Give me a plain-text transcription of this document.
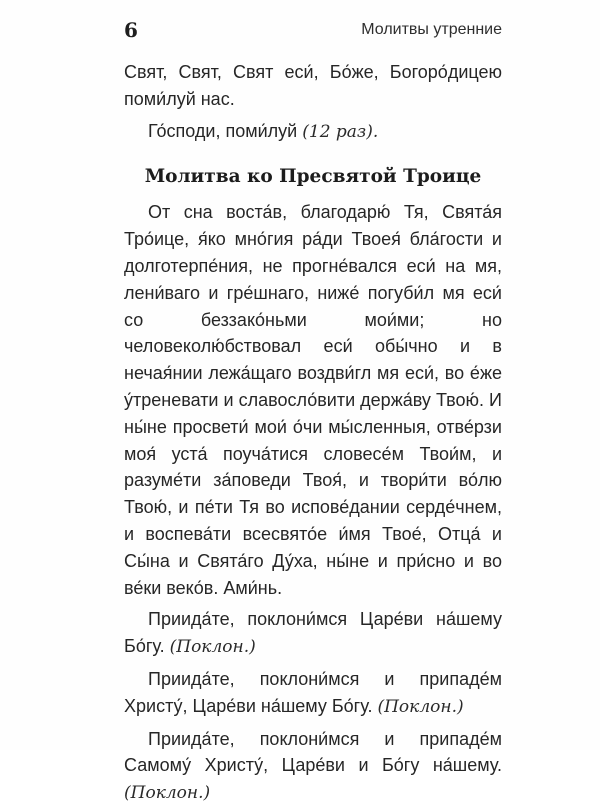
6	Молитвы утренние

Свят, Свят, Свят еси́, Бо́же, Богоро́дицею поми́луй нас.

Го́споди, поми́луй (12 раз).

Молитва ко Пресвятой Троице

От сна воста́в, благодарю́ Тя, Свята́я Тро́ице, я́ко мно́гия ра́ди Твоея́ бла́гости и долготерпе́ния, не прогне́вался еси́ на мя, лени́ваго и гре́шнаго, ниже́ погуби́л мя еси́ со беззако́ньми мои́ми; но человеколю́бствовал еси́ обы́чно и в нечая́нии лежа́щаго воздви́гл мя еси́, во е́же у́треневати и славосло́вити держа́ву Твою́. И ны́не просвети́ мои́ о́чи мы́сленныя, отве́рзи моя́ уста́ поуча́тися словесе́м Твои́м, и разуме́ти за́поведи Твоя́, и твори́ти во́лю Твою́, и пе́ти Тя во испове́дании серде́чнем, и воспева́ти всесвято́е и́мя Твое́, Отца́ и Сы́на и Свята́го Ду́ха, ны́не и при́сно и во ве́ки веко́в. Ами́нь.

Приида́те, поклони́мся Царе́ви на́шему Бо́гу. (Поклон.)

Приида́те, поклони́мся и припаде́м Христу́, Царе́ви на́шему Бо́гу. (Поклон.)

Приида́те, поклони́мся и припаде́м Самому́ Христу́, Царе́ви и Бо́гу на́шему. (Поклон.)
